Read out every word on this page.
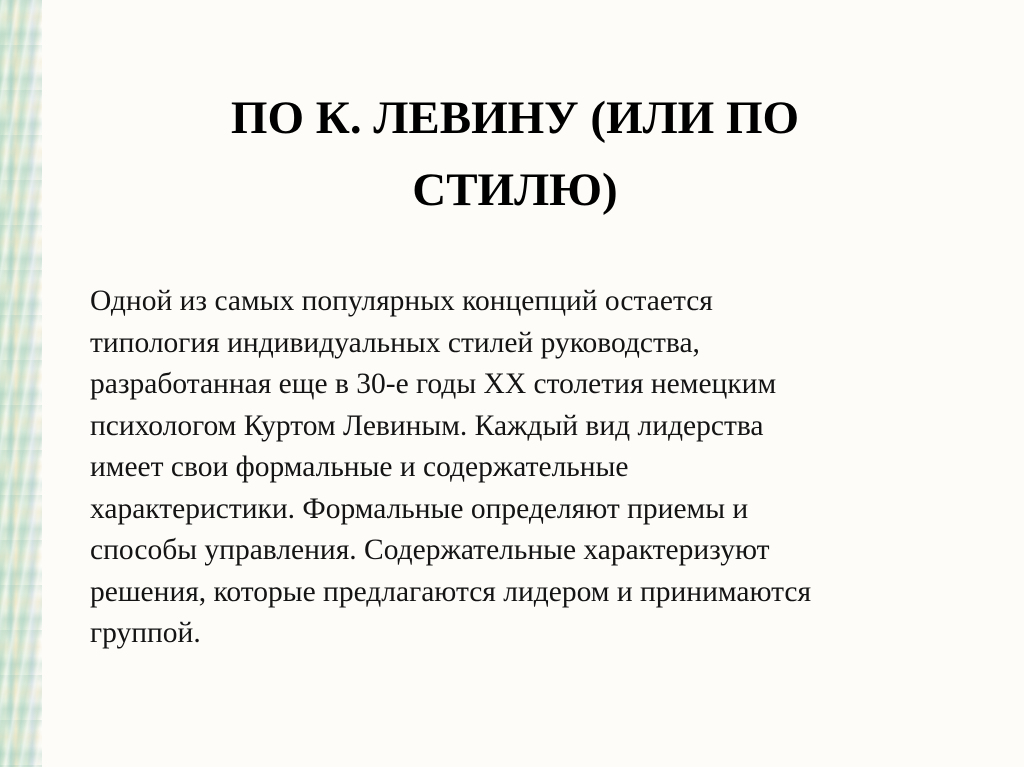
ПО К. ЛЕВИНУ (ИЛИ ПО
СТИЛЮ)
Одной из самых популярных концепций остается
типология индивидуальных стилей руководства,
разработанная еще в 30-е годы XX столетия немецким
психологом Куртом Левиным. Каждый вид лидерства
имеет свои формальные и содержательные
характеристики. Формальные определяют приемы и
способы управления. Содержательные характеризуют
решения, которые предлагаются лидером и принимаются
группой.
